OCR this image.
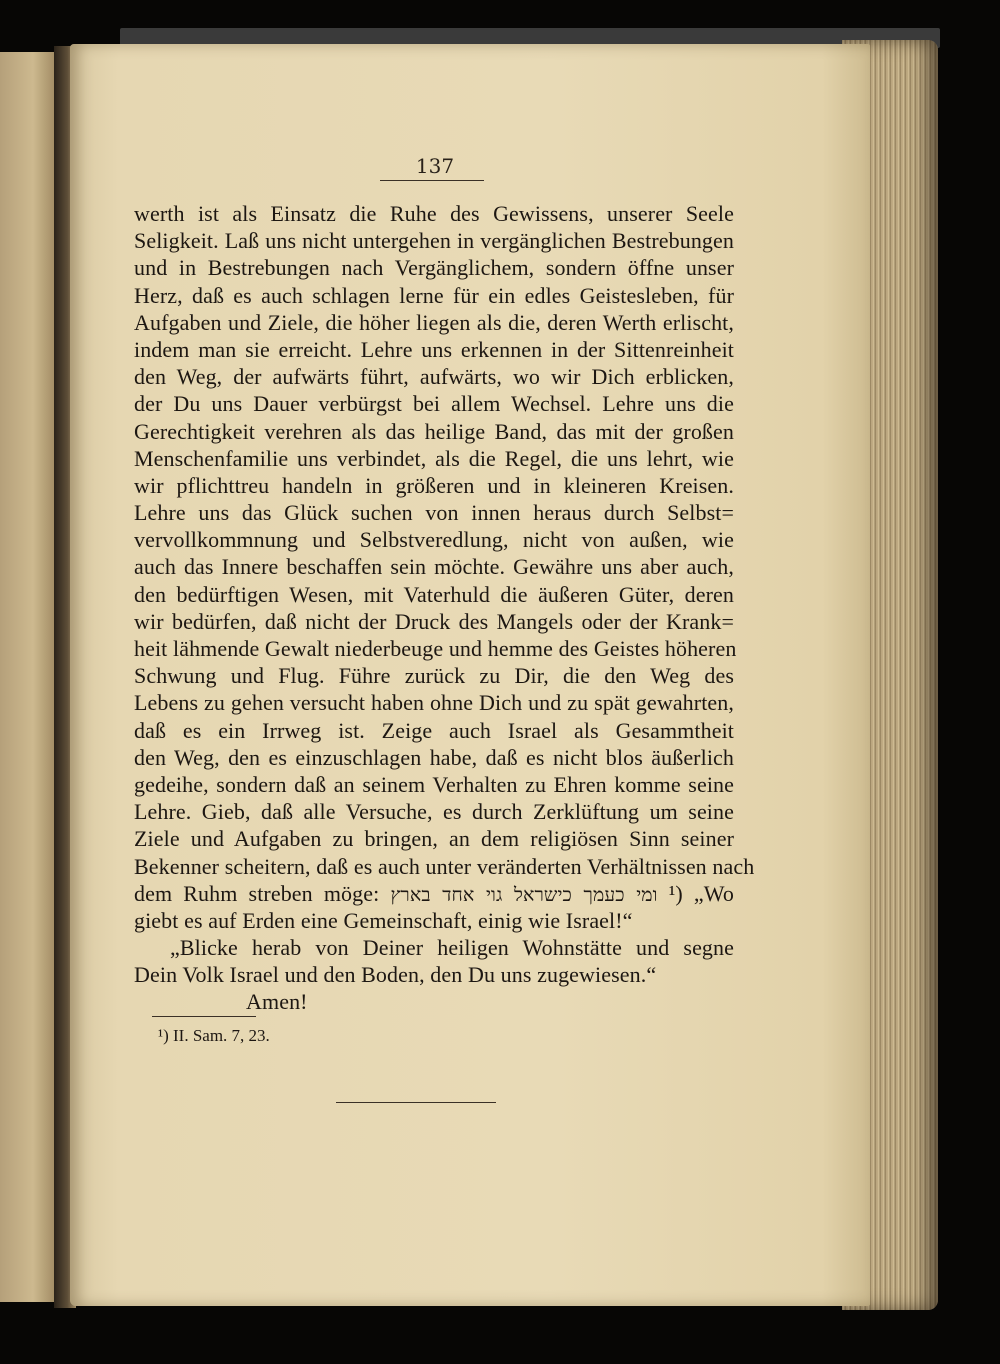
137
werth ist als Einsatz die Ruhe des Gewissens, unserer Seele
Seligkeit. Laß uns nicht untergehen in vergänglichen Bestrebungen
und in Bestrebungen nach Vergänglichem, sondern öffne unser
Herz, daß es auch schlagen lerne für ein edles Geistesleben, für
Aufgaben und Ziele, die höher liegen als die, deren Werth erlischt,
indem man sie erreicht. Lehre uns erkennen in der Sittenreinheit
den Weg, der aufwärts führt, aufwärts, wo wir Dich erblicken,
der Du uns Dauer verbürgst bei allem Wechsel. Lehre uns die
Gerechtigkeit verehren als das heilige Band, das mit der großen
Menschenfamilie uns verbindet, als die Regel, die uns lehrt, wie
wir pflichttreu handeln in größeren und in kleineren Kreisen.
Lehre uns das Glück suchen von innen heraus durch Selbst=
vervollkommnung und Selbstveredlung, nicht von außen, wie
auch das Innere beschaffen sein möchte. Gewähre uns aber auch,
den bedürftigen Wesen, mit Vaterhuld die äußeren Güter, deren
wir bedürfen, daß nicht der Druck des Mangels oder der Krank=
heit lähmende Gewalt niederbeuge und hemme des Geistes höheren
Schwung und Flug. Führe zurück zu Dir, die den Weg des
Lebens zu gehen versucht haben ohne Dich und zu spät gewahrten,
daß es ein Irrweg ist. Zeige auch Israel als Gesammtheit
den Weg, den es einzuschlagen habe, daß es nicht blos äußerlich
gedeihe, sondern daß an seinem Verhalten zu Ehren komme seine
Lehre. Gieb, daß alle Versuche, es durch Zerklüftung um seine
Ziele und Aufgaben zu bringen, an dem religiösen Sinn seiner
Bekenner scheitern, daß es auch unter veränderten Verhältnissen nach
dem Ruhm streben möge: ומי כעמך כישראל גוי אחד בארץ ¹) „Wo
giebt es auf Erden eine Gemeinschaft, einig wie Israel!“
„Blicke herab von Deiner heiligen Wohnstätte und segne
Dein Volk Israel und den Boden, den Du uns zugewiesen.“
Amen!
¹) II. Sam. 7, 23.
